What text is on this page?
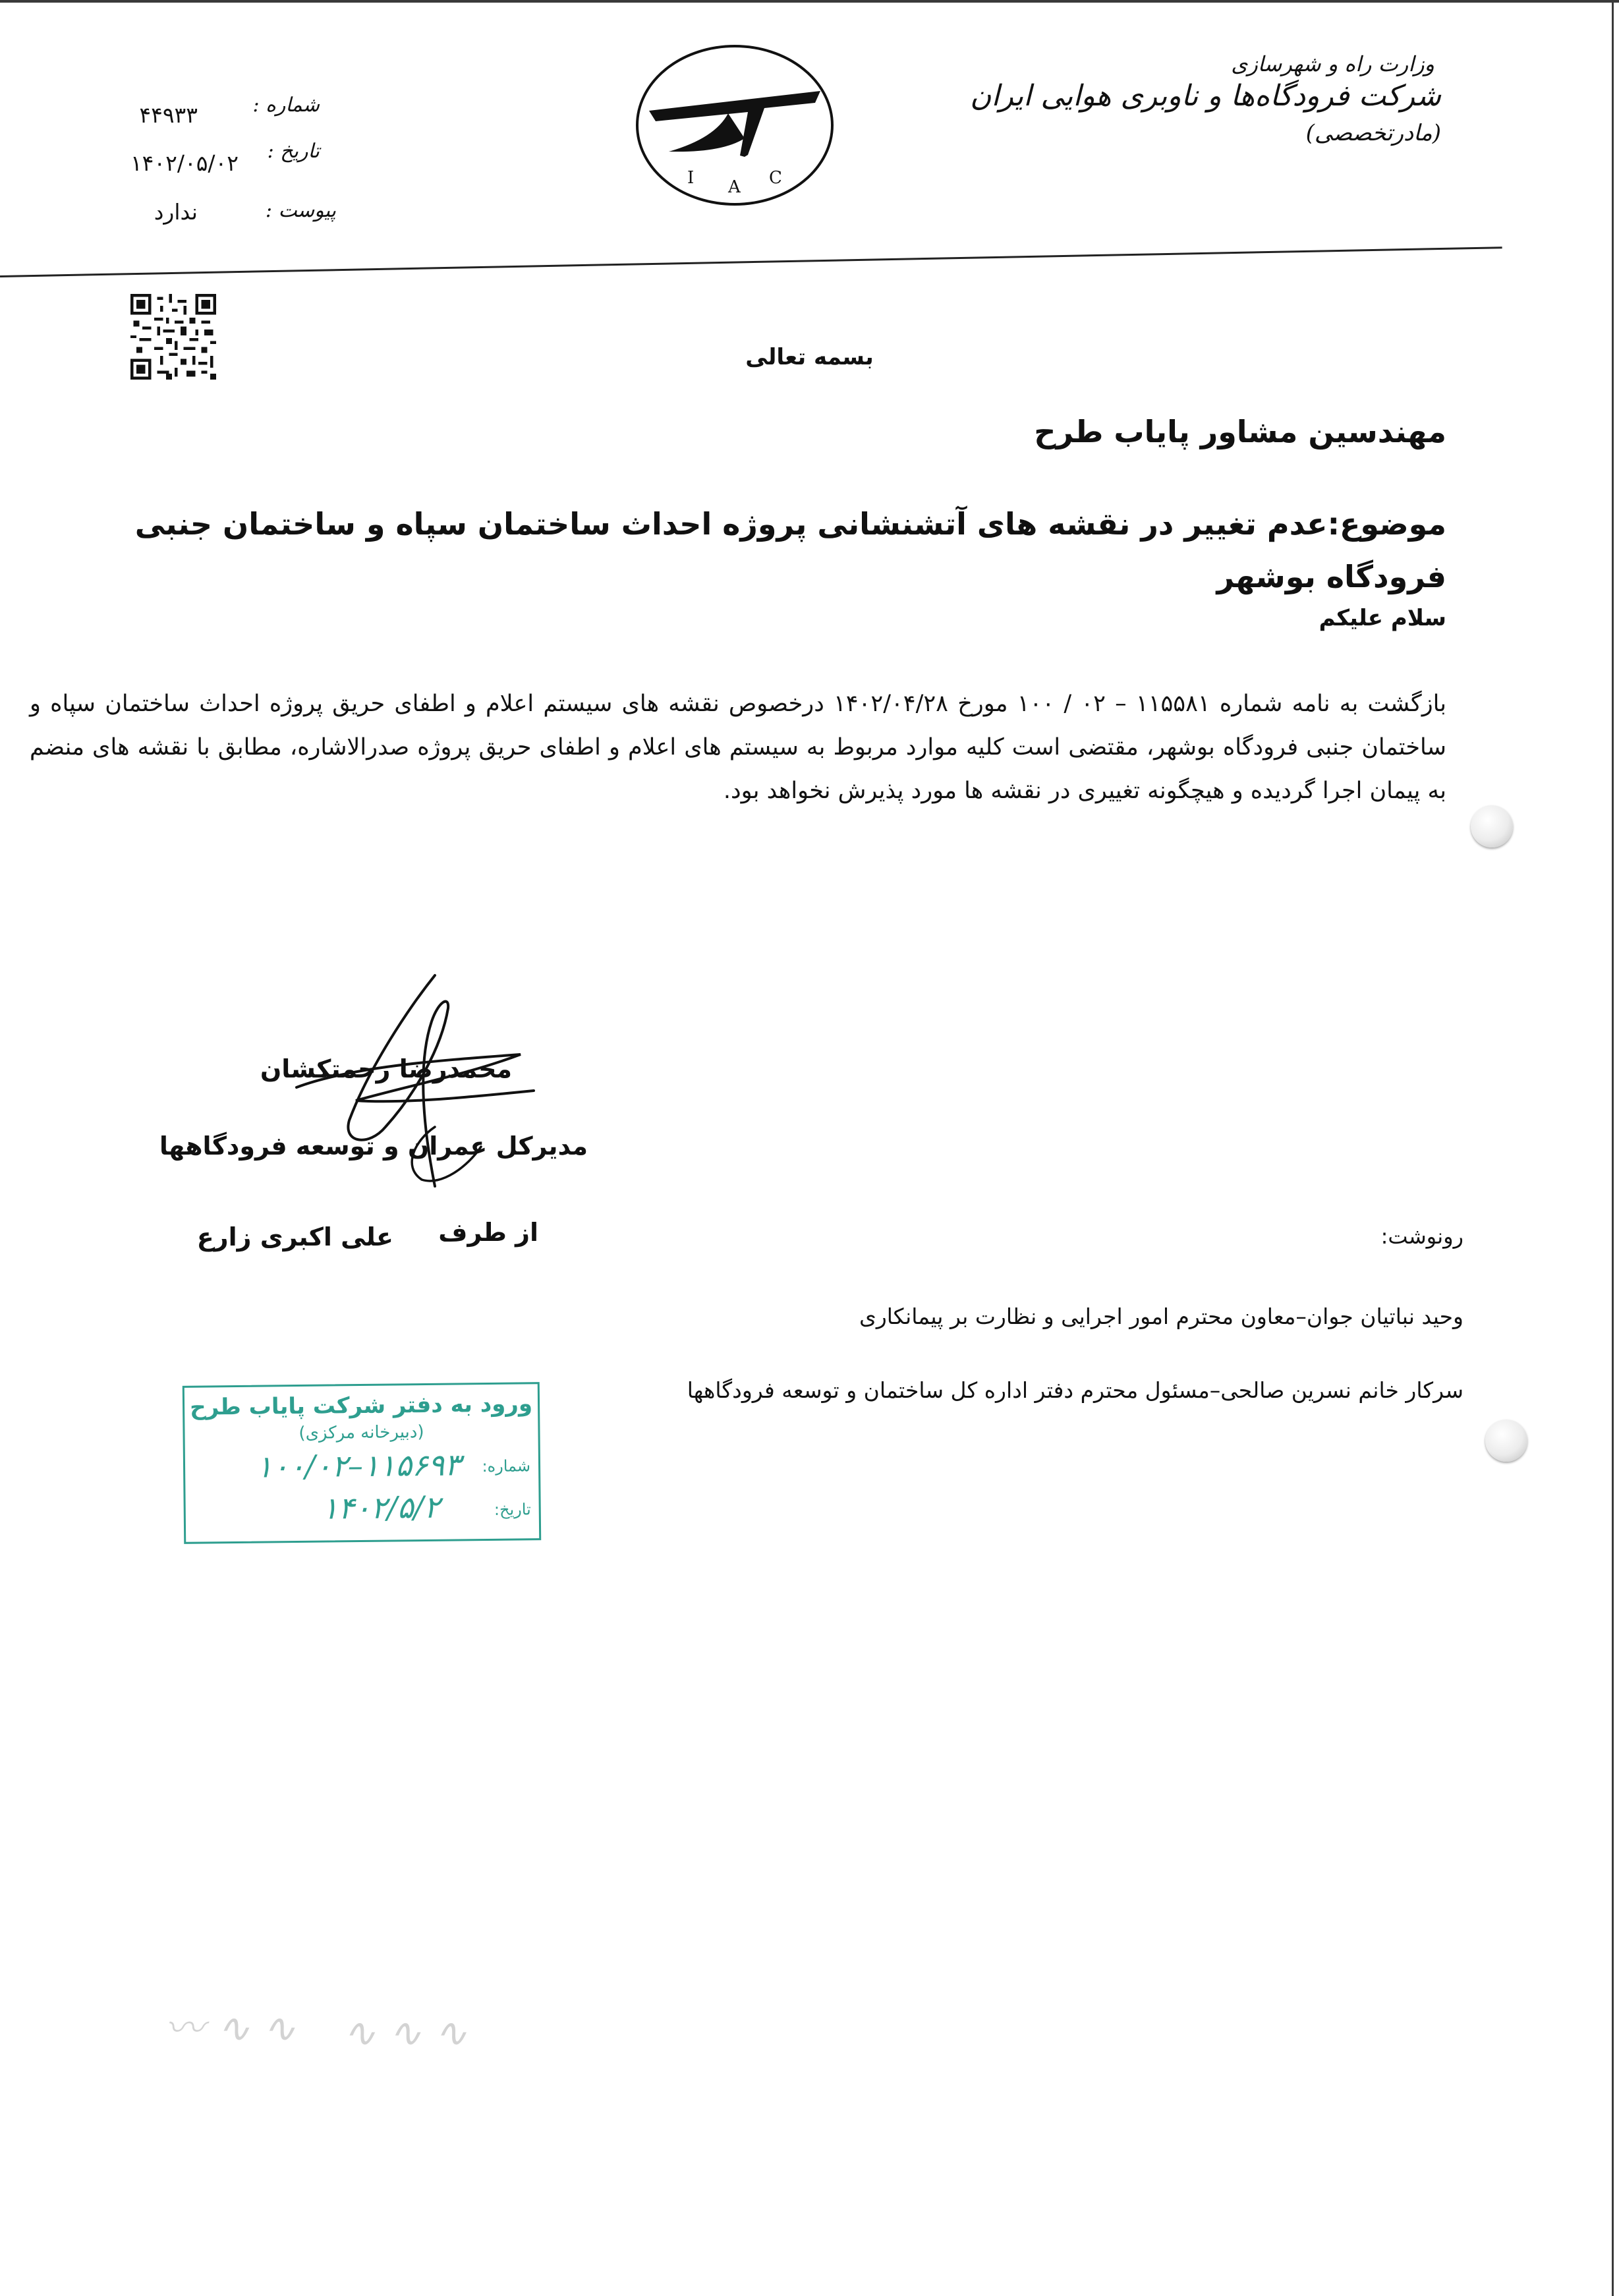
وزارت راه و شهرسازی
شرکت فرودگاه‌ها و ناوبری هوایی ایران
(مادرتخصصی)
I A C
شماره :
۴۴۹۳۳
تاریخ :
۱۴۰۲/۰۵/۰۲
پیوست :
ندارد
بسمه تعالی
مهندسین مشاور پایاب طرح
موضوع:عدم تغییر در نقشه های آتشنشانی پروژه احداث ساختمان سپاه و ساختمان جنبی فرودگاه بوشهر
سلام علیکم
بازگشت به نامه شماره ۱۱۵۵۸۱ – ۰۲ / ۱۰۰ مورخ ۱۴۰۲/۰۴/۲۸ درخصوص نقشه های سیستم اعلام و اطفای حریق پروژه احداث ساختمان سپاه و ساختمان جنبی فرودگاه بوشهر، مقتضی است کلیه موارد مربوط به سیستم های اعلام و اطفای حریق پروژه صدرالاشاره، مطابق با نقشه های منضم به پیمان اجرا گردیده و هیچگونه تغییری در نقشه ها مورد پذیرش نخواهد بود.
محمدرضا رحمتکشان
مدیرکل عمران و توسعه فرودگاهها
از طرف
علی اکبری زارع	رونوشت:
وحید نباتیان جوان–معاون محترم امور اجرایی و نظارت بر پیمانکاری
سرکار خانم نسرین صالحی–مسئول محترم دفتر اداره کل ساختمان و توسعه فرودگاهها
ورود به دفتر شرکت پایاب طرح
(دبیرخانه مرکزی)
شماره:
۱۰۰/۰۲–۱۱۵۶۹۳
تاریخ:
۱۴۰۲/۵/۲
〰︎ ∿ ∿ ∿ ∿ ∿
